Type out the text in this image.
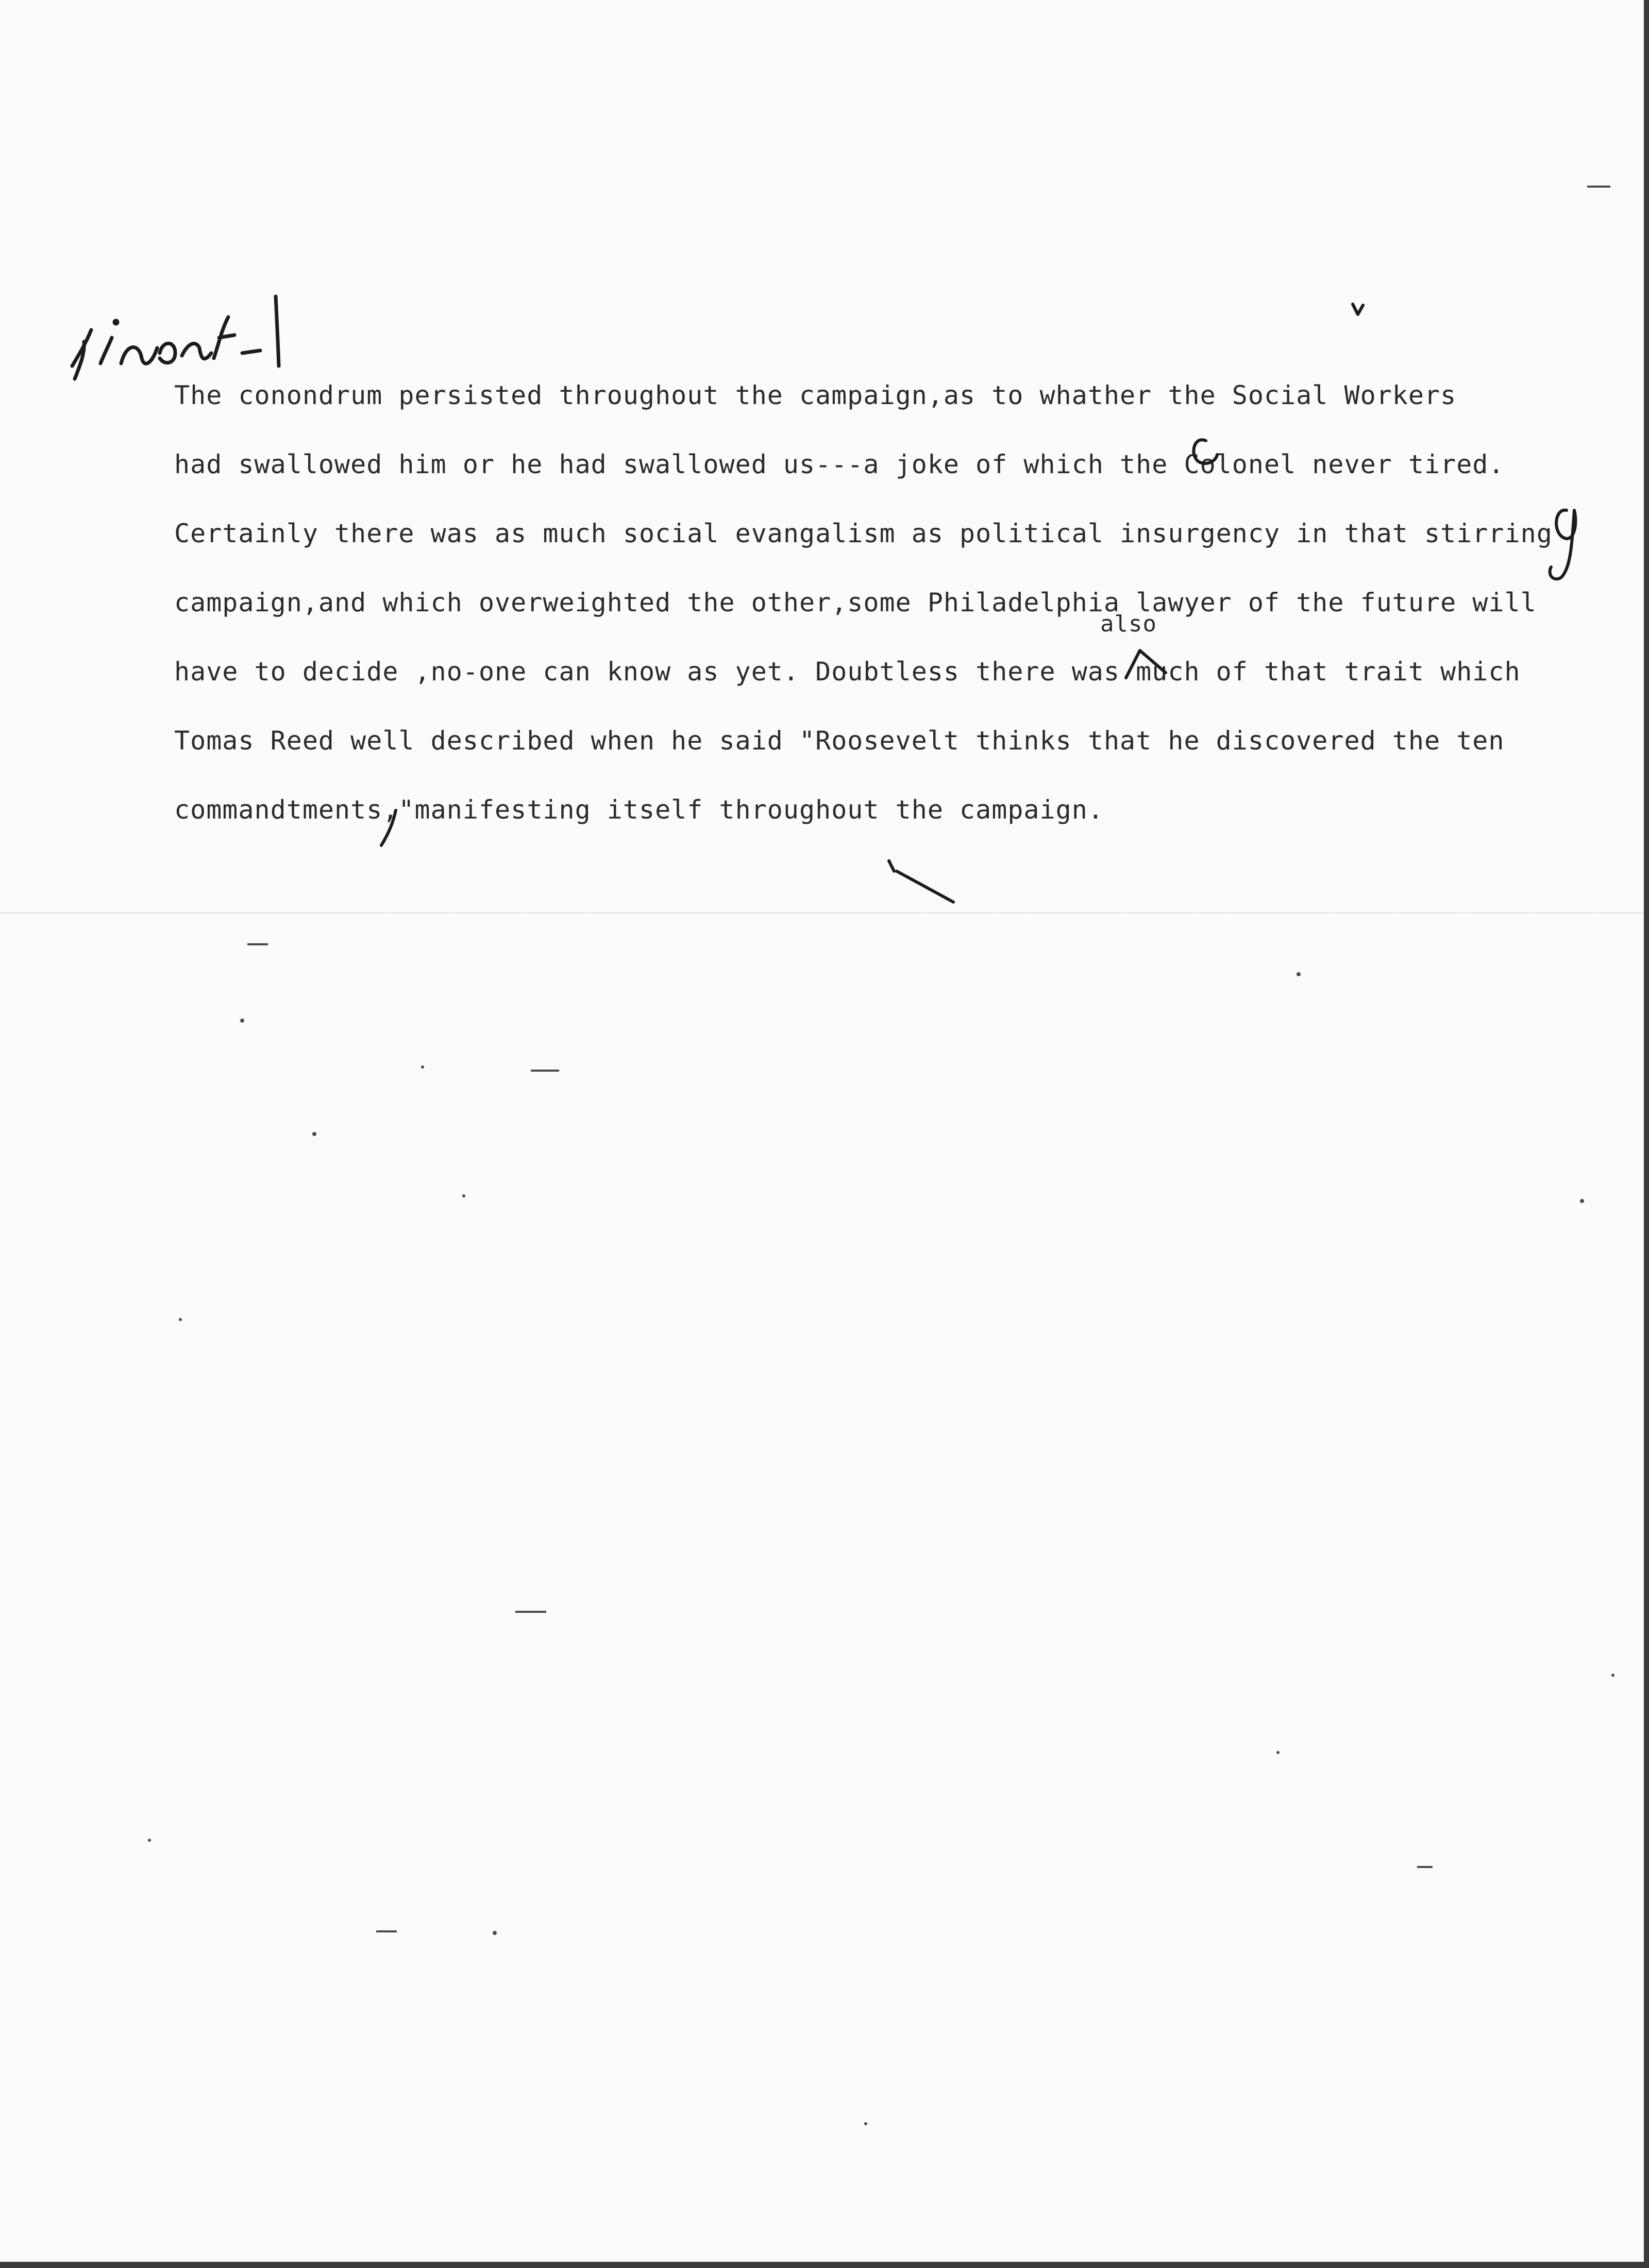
The conondrum persisted throughout the campaign,as to whather the Social Workers
had swallowed him or he had swallowed us---a joke of which the Colonel never tired.
Certainly there was as much social evangalism as political insurgency in that stirring
campaign,and which overweighted the other,some Philadelphia lawyer of the future will
have to decide ,no-one can know as yet. Doubtless there was much of that trait which
Tomas Reed well described when he said "Roosevelt thinks that he discovered the ten
commandtments,"manifesting itself throughout the campaign.
also
